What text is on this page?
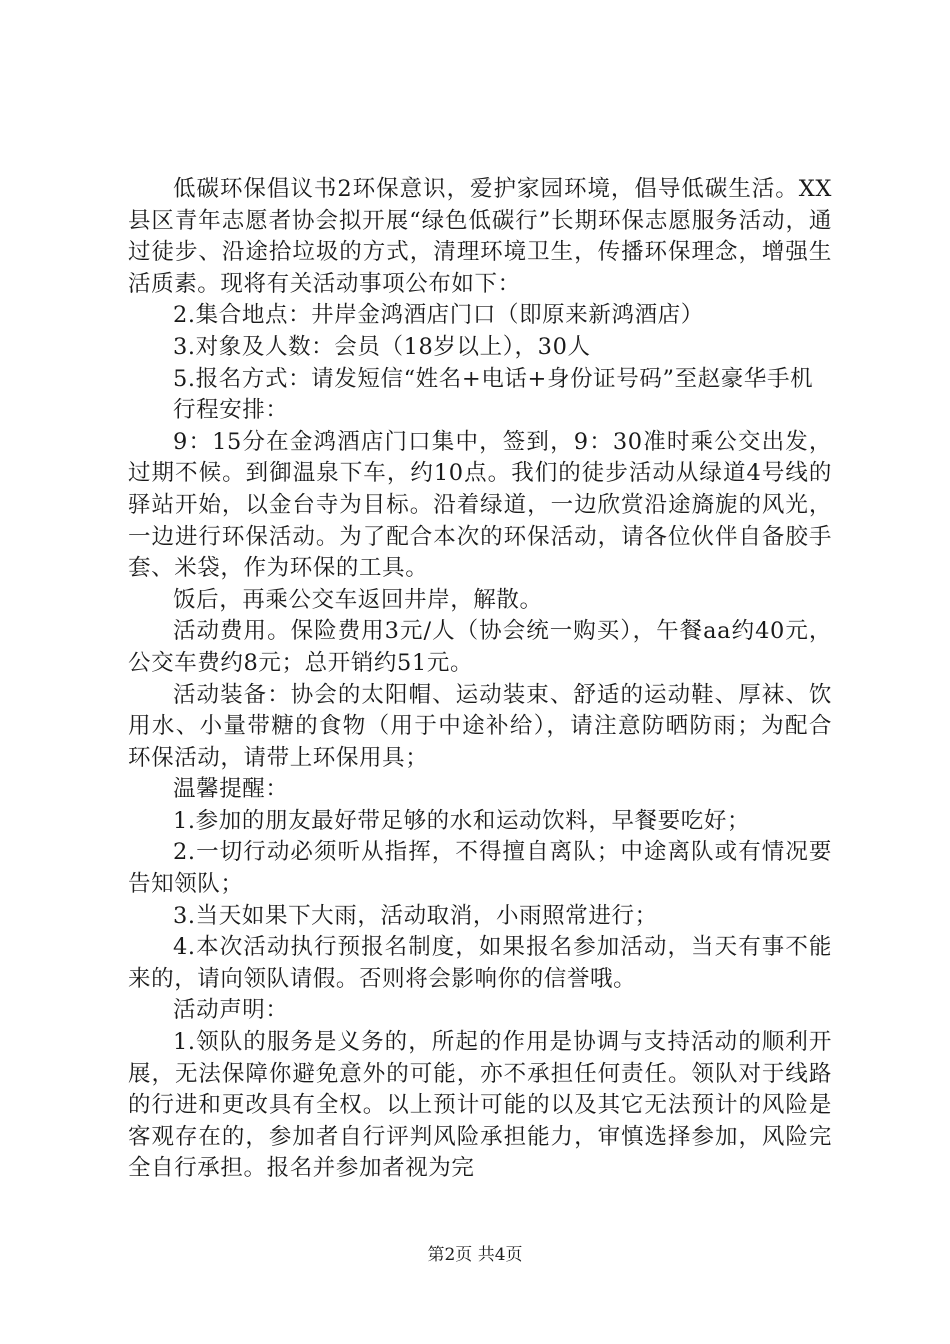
低碳环保倡议书2环保意识，爱护家园环境，倡导低碳生活。XX县区青年志愿者协会拟开展“绿色低碳行”长期环保志愿服务活动，通过徒步、沿途拾垃圾的方式，清理环境卫生，传播环保理念，增强生活质素。现将有关活动事项公布如下：

2.集合地点：井岸金鸿酒店门口（即原来新鸿酒店）

3.对象及人数：会员（18岁以上），30人

5.报名方式：请发短信“姓名+电话+身份证号码”至赵豪华手机

行程安排：

9：15分在金鸿酒店门口集中，签到，9：30准时乘公交出发，过期不候。到御温泉下车，约10点。我们的徒步活动从绿道4号线的驿站开始，以金台寺为目标。沿着绿道，一边欣赏沿途旖旎的风光，一边进行环保活动。为了配合本次的环保活动，请各位伙伴自备胶手套、米袋，作为环保的工具。

饭后，再乘公交车返回井岸，解散。

活动费用。保险费用3元/人（协会统一购买），午餐aa约40元，公交车费约8元；总开销约51元。

活动装备：协会的太阳帽、运动装束、舒适的运动鞋、厚袜、饮用水、小量带糖的食物（用于中途补给），请注意防晒防雨；为配合环保活动，请带上环保用具；

温馨提醒：

1.参加的朋友最好带足够的水和运动饮料，早餐要吃好；

2.一切行动必须听从指挥，不得擅自离队；中途离队或有情况要告知领队；

3.当天如果下大雨，活动取消，小雨照常进行；

4.本次活动执行预报名制度，如果报名参加活动，当天有事不能来的，请向领队请假。否则将会影响你的信誉哦。

活动声明：

1.领队的服务是义务的，所起的作用是协调与支持活动的顺利开展，无法保障你避免意外的可能，亦不承担任何责任。领队对于线路的行进和更改具有全权。以上预计可能的以及其它无法预计的风险是客观存在的，参加者自行评判风险承担能力，审慎选择参加，风险完全自行承担。报名并参加者视为完

第2页 共4页
